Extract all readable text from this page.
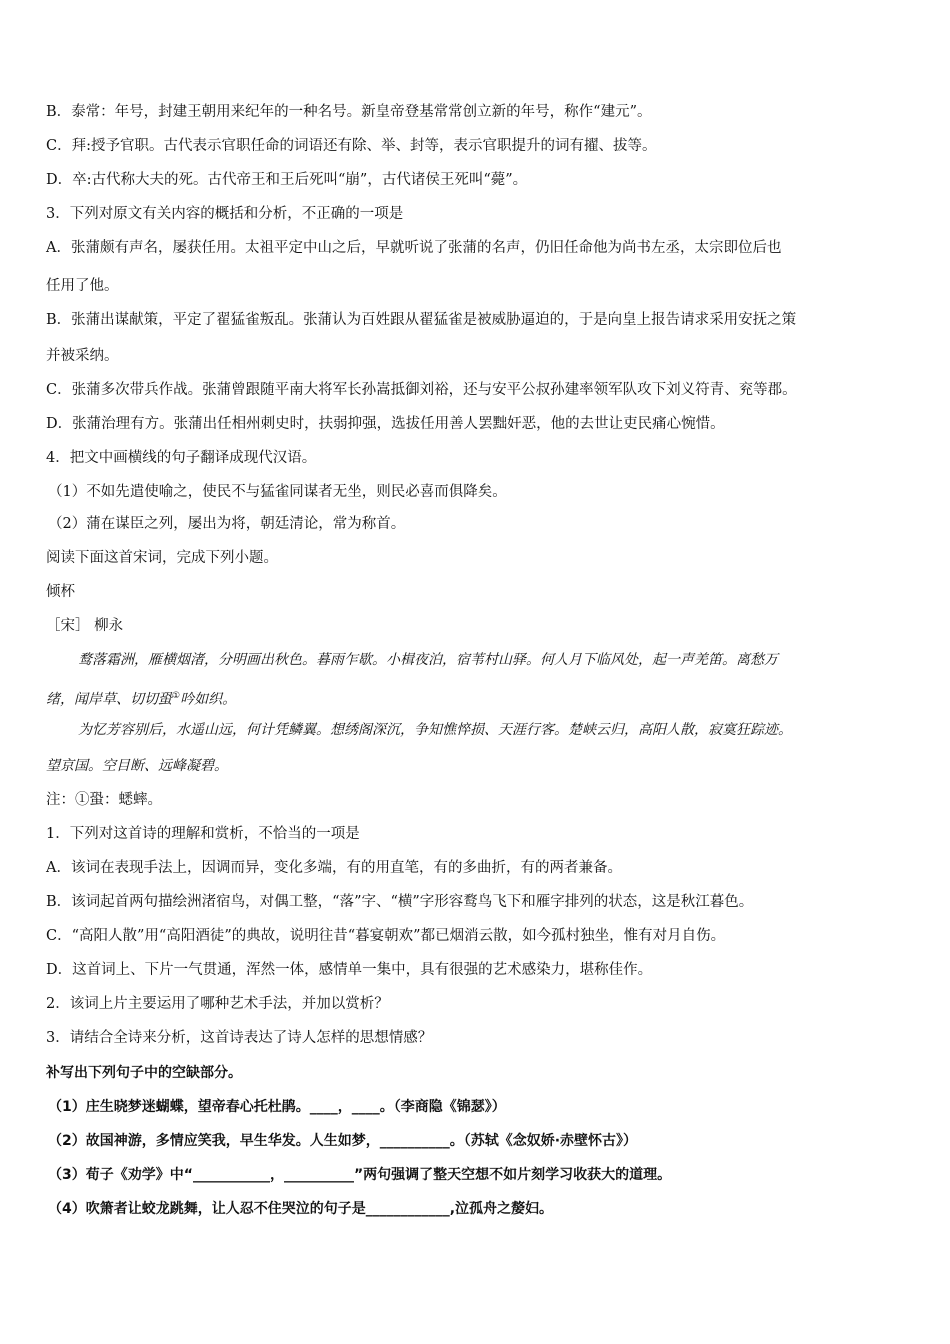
B．泰常：年号，封建王朝用来纪年的一种名号。新皇帝登基常常创立新的年号，称作“建元”。
C．拜:授予官职。古代表示官职任命的词语还有除、举、封等，表示官职提升的词有擢、拔等。
D．卒:古代称大夫的死。古代帝王和王后死叫“崩”，古代诸侯王死叫“薨”。
3．下列对原文有关内容的概括和分析，不正确的一项是
A．张蒲颇有声名，屡获任用。太祖平定中山之后，早就听说了张蒲的名声，仍旧任命他为尚书左丞，太宗即位后也
任用了他。
B．张蒲出谋献策，平定了翟猛雀叛乱。张蒲认为百姓跟从翟猛雀是被威胁逼迫的，于是向皇上报告请求采用安抚之策
并被采纳。
C．张蒲多次带兵作战。张蒲曾跟随平南大将军长孙嵩抵御刘裕，还与安平公叔孙建率领军队攻下刘义符青、兖等郡。
D．张蒲治理有方。张蒲出任相州刺史时，扶弱抑强，选拔任用善人罢黜奸恶，他的去世让吏民痛心惋惜。
4．把文中画横线的句子翻译成现代汉语。
（1）不如先遣使喻之，使民不与猛雀同谋者无坐，则民必喜而俱降矣。
（2）蒲在谋臣之列，屡出为将，朝廷清论，常为称首。
阅读下面这首宋词，完成下列小题。
倾杯
［宋］ 柳永
鹜落霜洲，雁横烟渚，分明画出秋色。暮雨乍歇。小楫夜泊，宿苇村山驿。何人月下临风处，起一声羌笛。离愁万
绪，闻岸草、切切蛩①吟如织。
为忆芳容别后，水遥山远，何计凭鳞翼。想绣阁深沉，争知憔悴损、天涯行客。楚峡云归，高阳人散，寂寞狂踪迹。
望京国。空目断、远峰凝碧。
注：①蛩：蟋蟀。
1．下列对这首诗的理解和赏析，不恰当的一项是
A．该词在表现手法上，因调而异，变化多端，有的用直笔，有的多曲折，有的两者兼备。
B．该词起首两句描绘洲渚宿鸟，对偶工整，“落”字、“横”字形容鹜鸟飞下和雁字排列的状态，这是秋江暮色。
C．“高阳人散”用“高阳酒徒”的典故，说明往昔“暮宴朝欢”都已烟消云散，如今孤村独坐，惟有对月自伤。
D．这首词上、下片一气贯通，浑然一体，感情单一集中，具有很强的艺术感染力，堪称佳作。
2．该词上片主要运用了哪种艺术手法，并加以赏析？
3．请结合全诗来分析，这首诗表达了诗人怎样的思想情感？
补写出下列句子中的空缺部分。
（1）庄生晓梦迷蝴蝶，望帝春心托杜鹃。____，____。（李商隐《锦瑟》）
（2）故国神游，多情应笑我，早生华发。人生如梦，__________。（苏轼《念奴娇·赤壁怀古》）
（3）荀子《劝学》中“___________，__________”两句强调了整天空想不如片刻学习收获大的道理。
（4）吹箫者让蛟龙跳舞，让人忍不住哭泣的句子是____________,泣孤舟之嫠妇。
